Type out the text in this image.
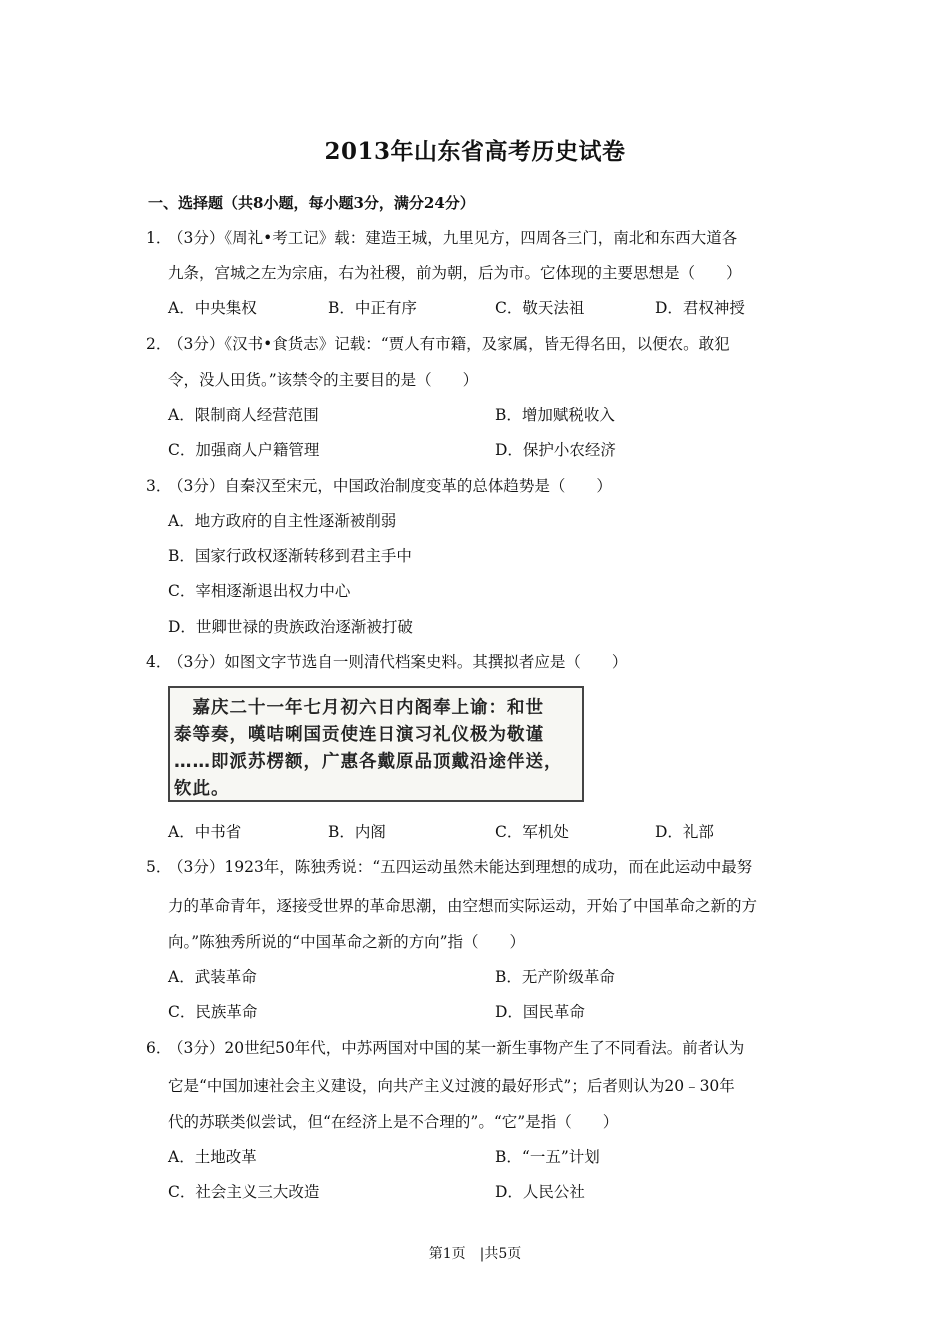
2013年山东省高考历史试卷
一、选择题（共8小题，每小题3分，满分24分）
1．
（3分）《周礼•考工记》载：建造王城，九里见方，四周各三门，南北和东西大道各
九条，宫城之左为宗庙，右为社稷，前为朝，后为市。它体现的主要思想是（　　）
A．中央集权	B．中正有序	C．敬天法祖	D．君权神授
2．
（3分）《汉书•食货志》记载：“贾人有市籍，及家属，皆无得名田，以便农。敢犯
令，没人田货。”该禁令的主要目的是（　　）
A．限制商人经营范围	B．增加赋税收入
C．加强商人户籍管理	D．保护小农经济
3．
（3分）自秦汉至宋元，中国政治制度变革的总体趋势是（　　）
A．地方政府的自主性逐渐被削弱
B．国家行政权逐渐转移到君主手中
C．宰相逐渐退出权力中心
D．世卿世禄的贵族政治逐渐被打破
4．
（3分）如图文字节选自一则清代档案史料。其撰拟者应是（　　）
　嘉庆二十一年七月初六日内阁奉上谕：和世
泰等奏，嘆咭唎国贡使连日演习礼仪极为敬谨
……即派苏楞额，广惠各戴原品顶戴沿途伴送，
钦此。
A．中书省	B．内阁	C．军机处	D．礼部
5．
（3分）1923年，陈独秀说：“五四运动虽然未能达到理想的成功，而在此运动中最努
力的革命青年，逐接受世界的革命思潮，由空想而实际运动，开始了中国革命之新的方
向。”陈独秀所说的“中国革命之新的方向”指（　　）
A．武装革命	B．无产阶级革命
C．民族革命	D．国民革命
6．
（3分）20世纪50年代，中苏两国对中国的某一新生事物产生了不同看法。前者认为
它是“中国加速社会主义建设，向共产主义过渡的最好形式”；后者则认为20﹣30年
代的苏联类似尝试，但“在经济上是不合理的”。“它”是指（　　）
A．土地改革	B．“一五”计划
C．社会主义三大改造	D．人民公社
第1页　|共5页
